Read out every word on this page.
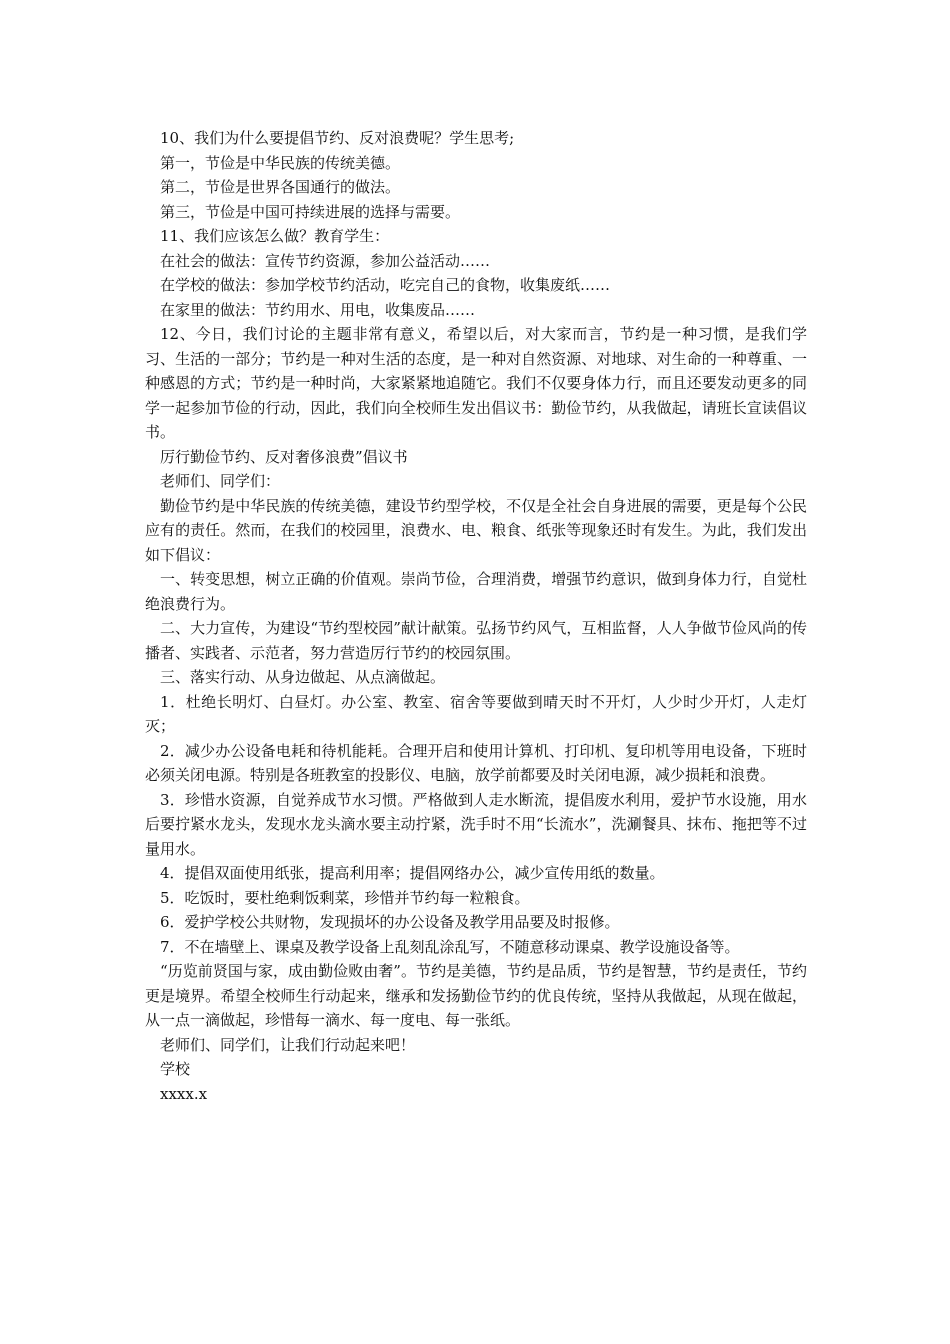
10、我们为什么要提倡节约、反对浪费呢？学生思考;

第一，节俭是中华民族的传统美德。

第二，节俭是世界各国通行的做法。

第三，节俭是中国可持续进展的选择与需要。

11、我们应该怎么做？教育学生：

在社会的做法：宣传节约资源，参加公益活动……

在学校的做法：参加学校节约活动，吃完自己的食物，收集废纸……

在家里的做法：节约用水、用电，收集废品……

12、今日，我们讨论的主题非常有意义，希望以后，对大家而言，节约是一种习惯，是我们学习、生活的一部分；节约是一种对生活的态度，是一种对自然资源、对地球、对生命的一种尊重、一种感恩的方式；节约是一种时尚，大家紧紧地追随它。我们不仅要身体力行，而且还要发动更多的同学一起参加节俭的行动，因此，我们向全校师生发出倡议书：勤俭节约，从我做起，请班长宣读倡议书。

厉行勤俭节约、反对奢侈浪费”倡议书

老师们、同学们：

勤俭节约是中华民族的传统美德，建设节约型学校，不仅是全社会自身进展的需要，更是每个公民应有的责任。然而，在我们的校园里，浪费水、电、粮食、纸张等现象还时有发生。为此，我们发出如下倡议：

一、转变思想，树立正确的价值观。崇尚节俭，合理消费，增强节约意识，做到身体力行，自觉杜绝浪费行为。

二、大力宣传，为建设“节约型校园”献计献策。弘扬节约风气，互相监督，人人争做节俭风尚的传播者、实践者、示范者，努力营造厉行节约的校园氛围。

三、落实行动、从身边做起、从点滴做起。

1．杜绝长明灯、白昼灯。办公室、教室、宿舍等要做到晴天时不开灯，人少时少开灯，人走灯灭；

2．减少办公设备电耗和待机能耗。合理开启和使用计算机、打印机、复印机等用电设备，下班时必须关闭电源。特别是各班教室的投影仪、电脑，放学前都要及时关闭电源，减少损耗和浪费。

3．珍惜水资源，自觉养成节水习惯。严格做到人走水断流，提倡废水利用，爱护节水设施，用水后要拧紧水龙头，发现水龙头滴水要主动拧紧，洗手时不用“长流水”，洗涮餐具、抹布、拖把等不过量用水。

4．提倡双面使用纸张，提高利用率；提倡网络办公，减少宣传用纸的数量。

5．吃饭时，要杜绝剩饭剩菜，珍惜并节约每一粒粮食。

6．爱护学校公共财物，发现损坏的办公设备及教学用品要及时报修。

7．不在墙壁上、课桌及教学设备上乱刻乱涂乱写，不随意移动课桌、教学设施设备等。

“历览前贤国与家，成由勤俭败由奢”。节约是美德，节约是品质，节约是智慧，节约是责任，节约更是境界。希望全校师生行动起来，继承和发扬勤俭节约的优良传统，坚持从我做起，从现在做起，从一点一滴做起，珍惜每一滴水、每一度电、每一张纸。

老师们、同学们，让我们行动起来吧！

学校

xxxx.x
